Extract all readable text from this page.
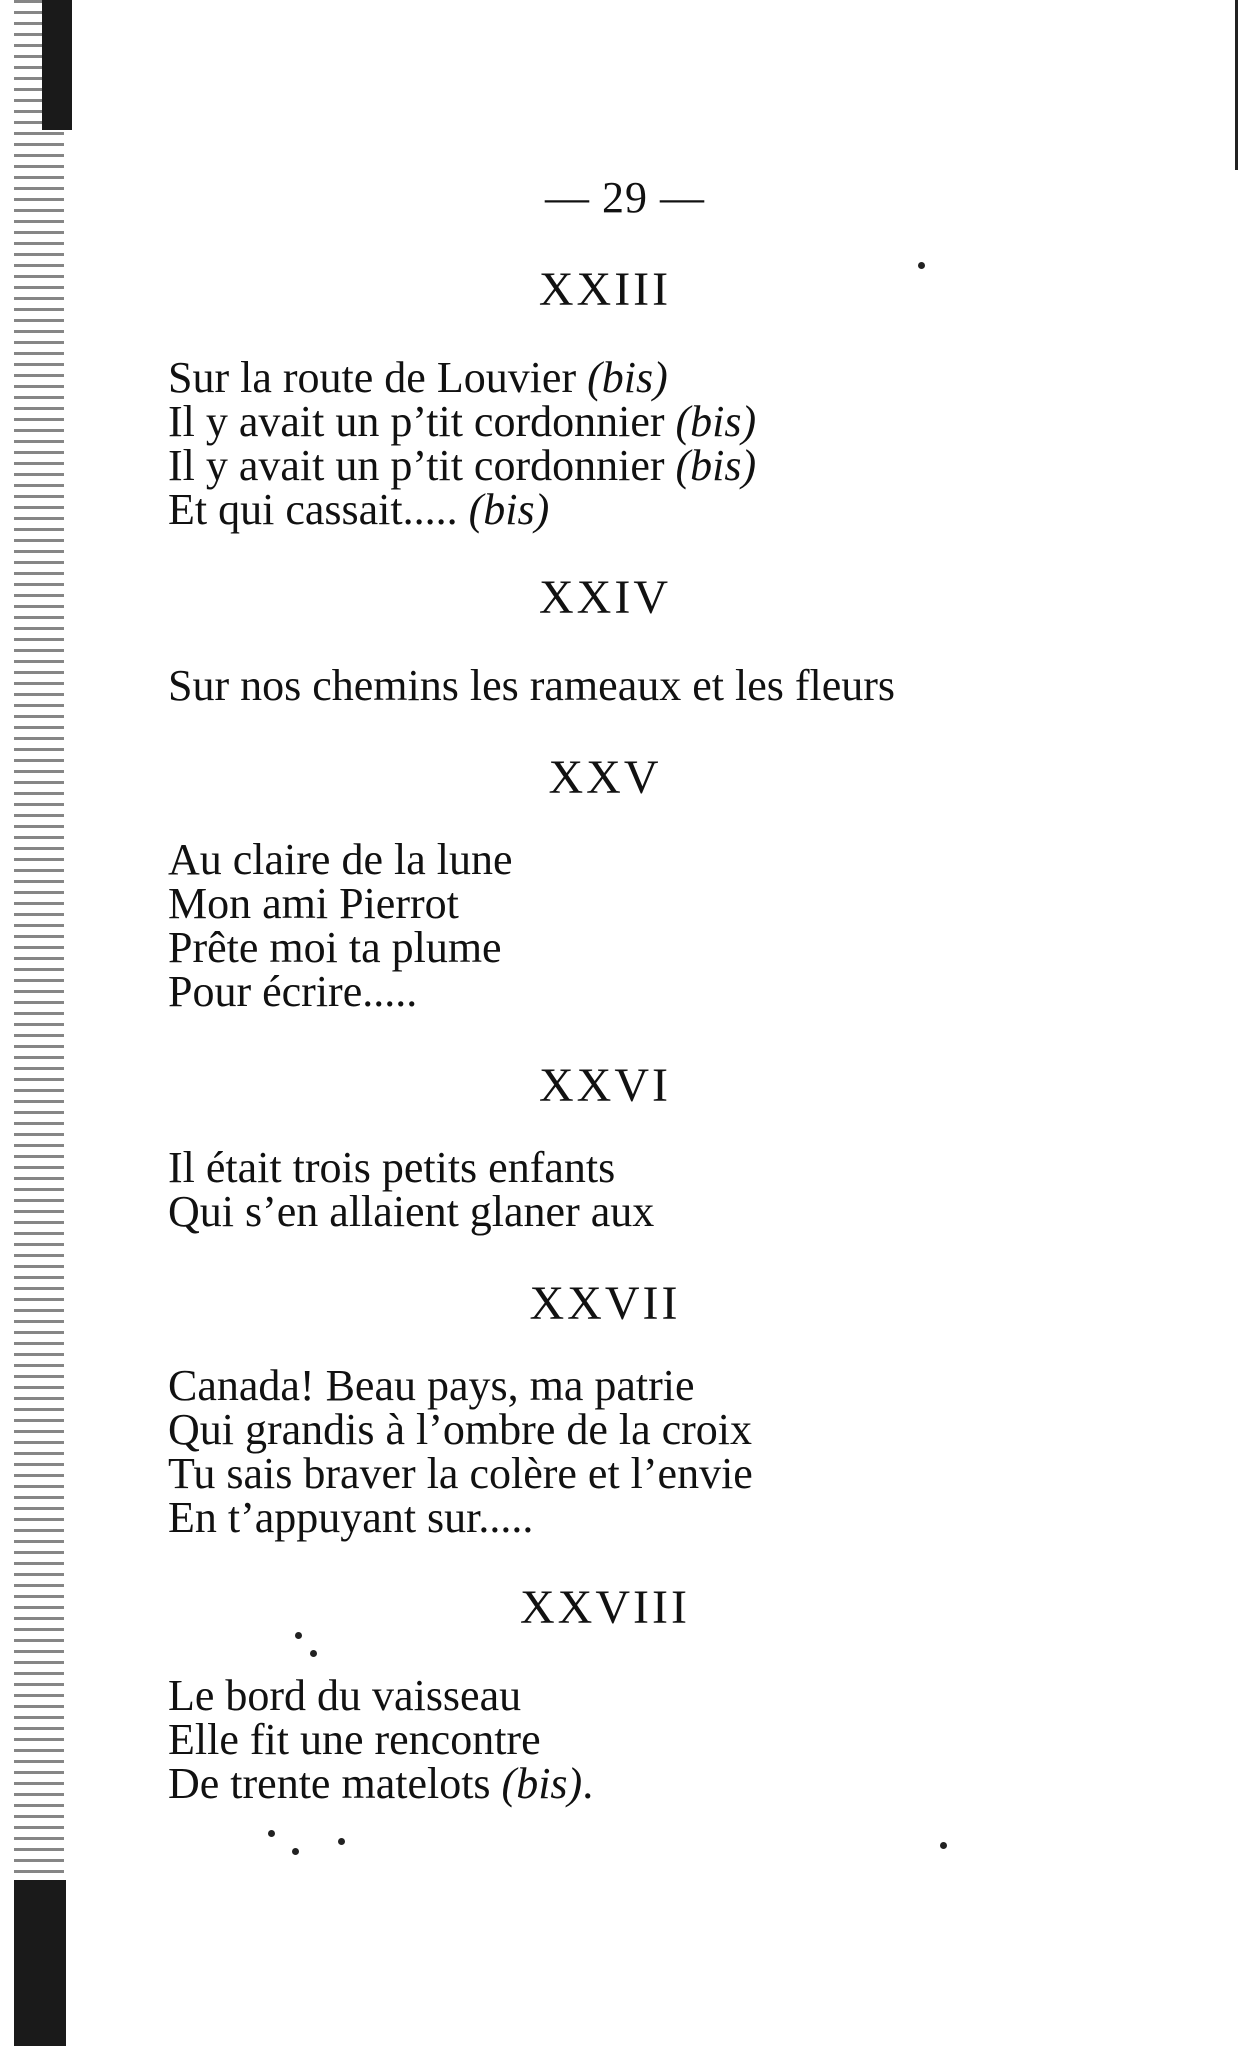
— 29 —
XXIII
Sur la route de Louvier (bis)
Il y avait un p’tit cordonnier (bis)
Il y avait un p’tit cordonnier (bis)
Et qui cassait..... (bis)
XXIV
Sur nos chemins les rameaux et les fleurs
XXV
Au claire de la lune
Mon ami Pierrot
Prête moi ta plume
Pour écrire.....
XXVI
Il était trois petits enfants
Qui s’en allaient glaner aux
XXVII
Canada! Beau pays, ma patrie
Qui grandis à l’ombre de la croix
Tu sais braver la colère et l’envie
En t’appuyant sur.....
XXVIII
Le bord du vaisseau
Elle fit une rencontre
De trente matelots (bis).
